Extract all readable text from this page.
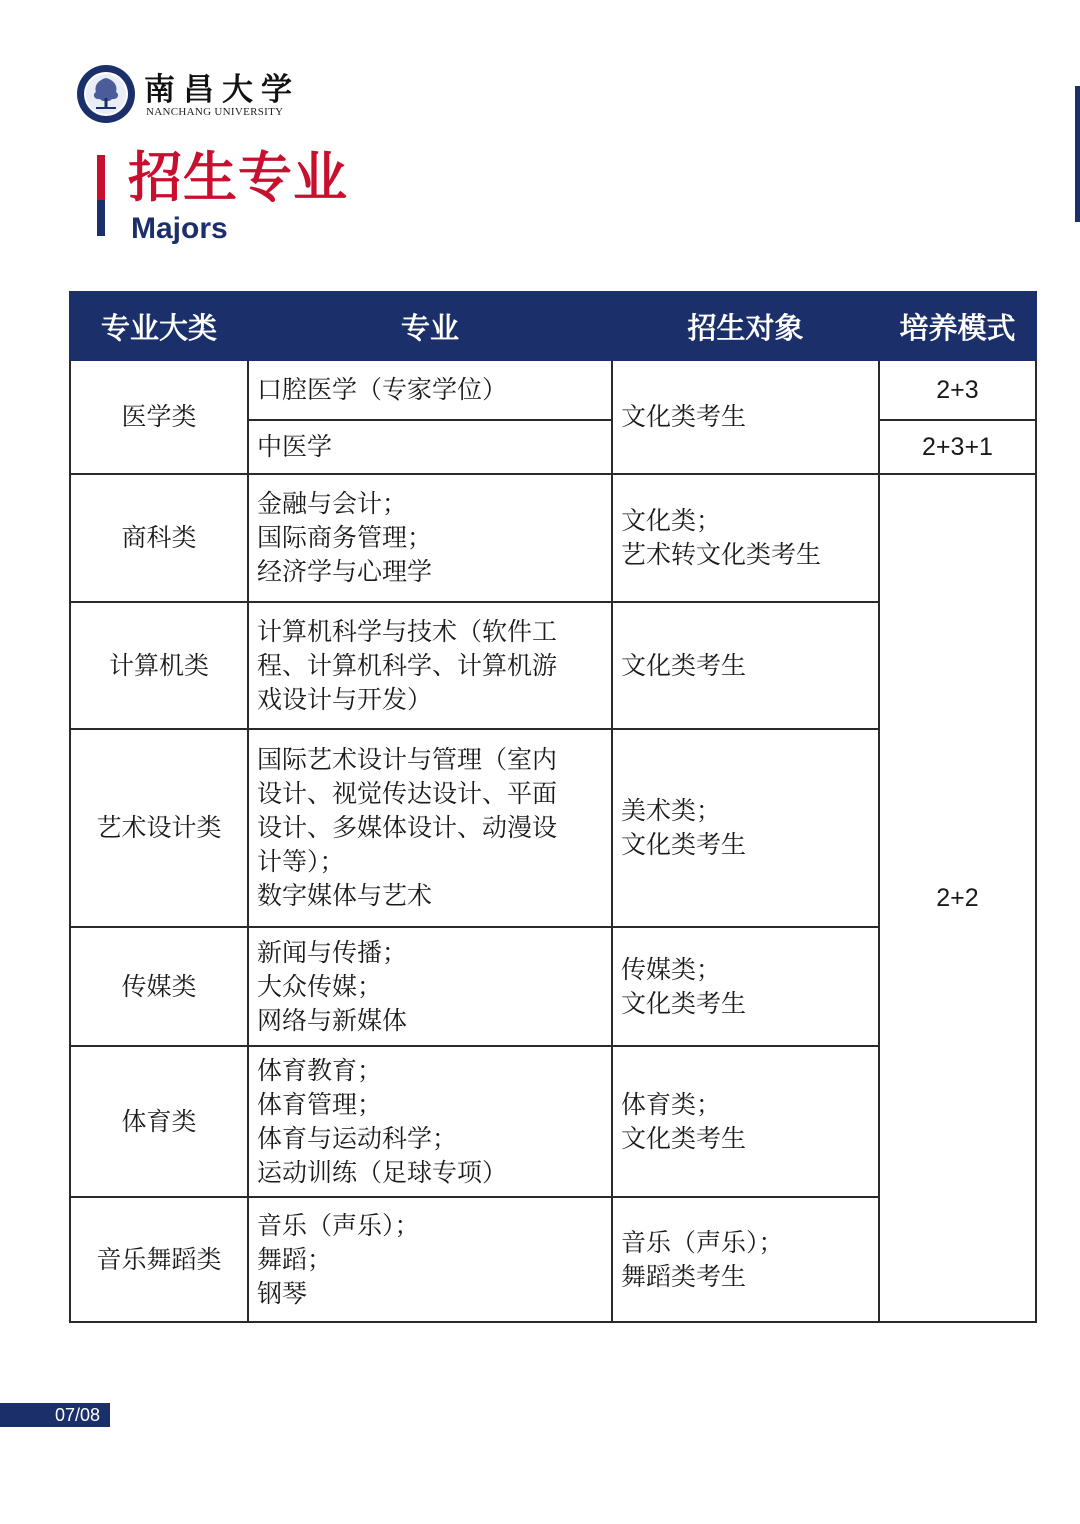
南昌大学
NANCHANG UNIVERSITY
招生专业
Majors
专业大类	专业	招生对象	培养模式
医学类	口腔医学（专家学位）	文化类考生	2+3

	中医学		2+3+1
商科类	金融与会计；
国际商务管理；
经济学与心理学	文化类；
艺术转文化类考生	2+2
计算机类	计算机科学与技术（软件工
程、计算机科学、计算机游
戏设计与开发）	文化类考生	

艺术设计类	国际艺术设计与管理（室内
设计、视觉传达设计、平面
设计、多媒体设计、动漫设
计等）；
数字媒体与艺术	美术类；
文化类考生	

传媒类	新闻与传播；
大众传媒；
网络与新媒体	传媒类；
文化类考生	

体育类	体育教育；
体育管理；
体育与运动科学；
运动训练（足球专项）	体育类；
文化类考生	

音乐舞蹈类	音乐（声乐）；
舞蹈；
钢琴	音乐（声乐）；
舞蹈类考生	
07/08
